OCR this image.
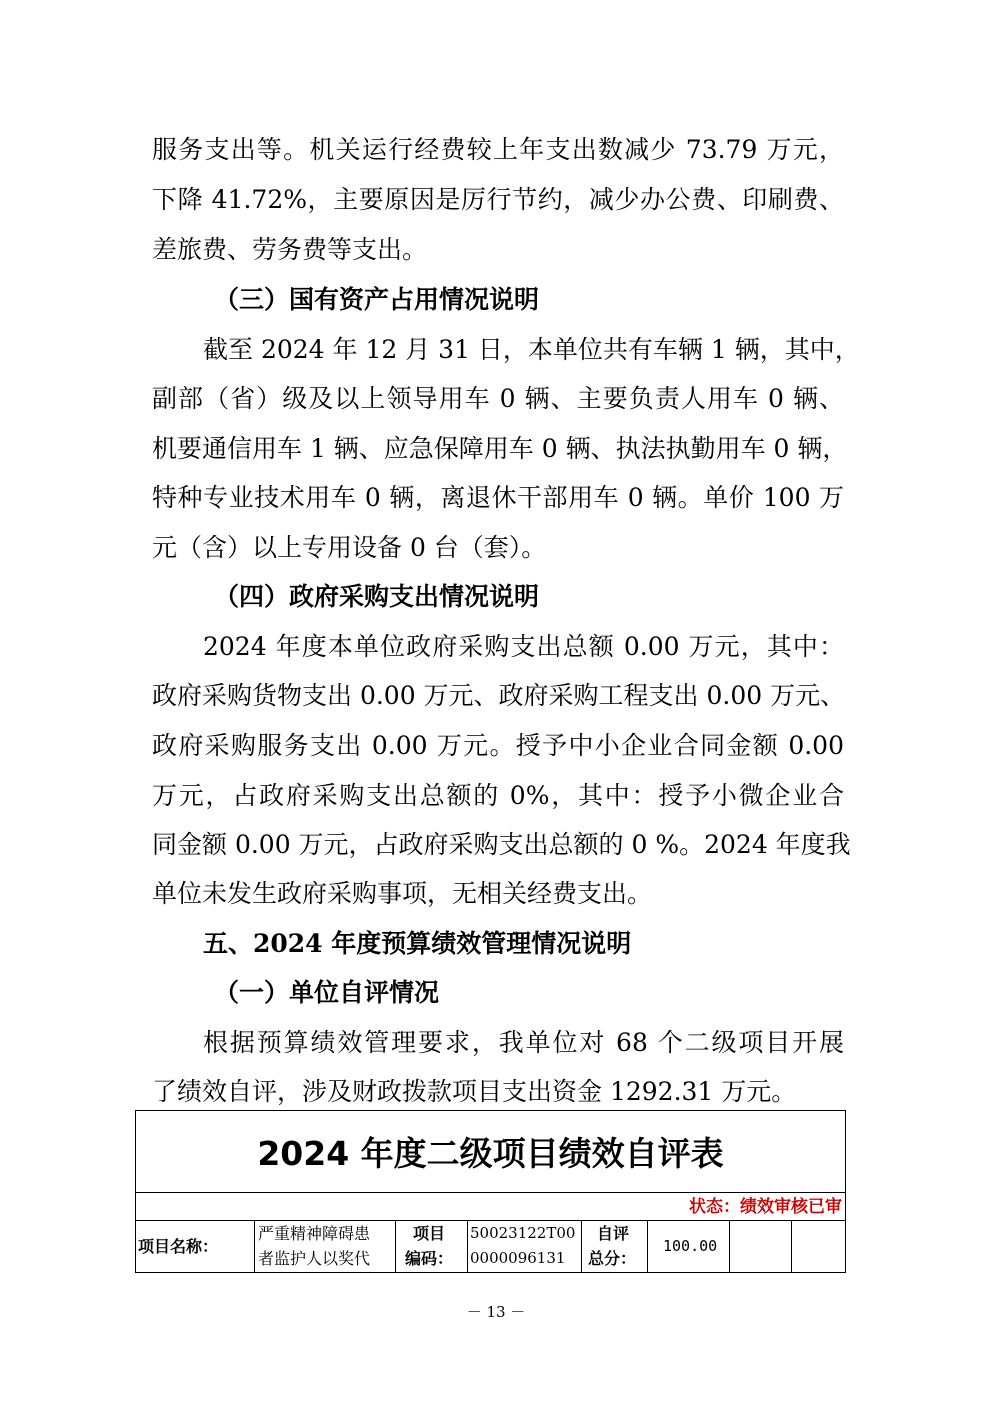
服务支出等。机关运行经费较上年支出数减少 73.79 万元，
下降 41.72%，主要原因是厉行节约，减少办公费、印刷费、
差旅费、劳务费等支出。
（三）国有资产占用情况说明
截至 2024 年 12 月 31 日，本单位共有车辆 1 辆，其中，
副部（省）级及以上领导用车 0 辆、主要负责人用车 0 辆、
机要通信用车 1 辆、应急保障用车 0 辆、执法执勤用车 0 辆，
特种专业技术用车 0 辆，离退休干部用车 0 辆。单价 100 万
元（含）以上专用设备 0 台（套）。
（四）政府采购支出情况说明
2024 年度本单位政府采购支出总额 0.00 万元，其中：
政府采购货物支出 0.00 万元、政府采购工程支出 0.00 万元、
政府采购服务支出 0.00 万元。授予中小企业合同金额 0.00
万元，占政府采购支出总额的 0%，其中：授予小微企业合
同金额 0.00 万元，占政府采购支出总额的 0 %。2024 年度我
单位未发生政府采购事项，无相关经费支出。
五、2024 年度预算绩效管理情况说明
（一）单位自评情况
根据预算绩效管理要求，我单位对 68 个二级项目开展
了绩效自评，涉及财政拨款项目支出资金 1292.31 万元。
2024 年度二级项目绩效自评表
状态：绩效审核已审
项目名称：
严重精神障碍患
者监护人以奖代
项目
编码：
50023122T00
0000096131
自评
总分：
100.00
－ 13 －
